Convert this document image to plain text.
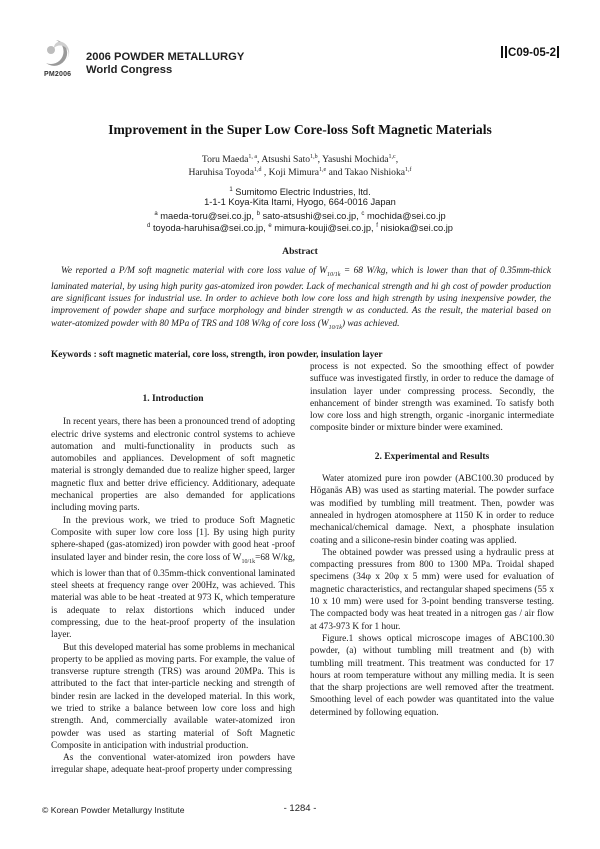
PM2006
2006 POWDER METALLURGY
World Congress
C09-05-2
Improvement in the Super Low Core-loss Soft Magnetic Materials
Toru Maeda$^{1, a}$, Atsushi Sato$^{1,b}$, Yasushi Mochida$^{1,c}$,
Haruhisa Toyoda$^{1,d}$ , Koji Mimura$^{1,e}$ and Takao Nishioka$^{1,f}$
$^1$ Sumitomo Electric Industries, ltd.
1-1-1 Koya-Kita Itami, Hyogo, 664-0016 Japan
$^a$ maeda-toru@sei.co.jp, $^b$ sato-atsushi@sei.co.jp, $^c$ mochida@sei.co.jp
$^d$ toyoda-haruhisa@sei.co.jp, $^e$ mimura-kouji@sei.co.jp, $^f$ nisioka@sei.co.jp
Abstract

We reported a P/M soft magnetic material with core loss value of $W_{10/1k} = 68$ W/kg, which is lower than that of 0.35mm-thick laminated material, by using high purity gas-atomized iron powder. Lack of mechanical strength and hi gh cost of powder production are significant issues for industrial use. In order to achieve both low core loss and high strength by using inexpensive powder, the improvement of powder shape and surface morphology and binder strength w as conducted. As the result, the material based on water-atomized powder with 80 MPa of TRS and 108 W/kg of core loss $(W_{10/1k})$ was achieved.

Keywords : soft magnetic material, core loss, strength, iron powder, insulation layer
1. Introduction

In recent years, there has been a pronounced trend of adopting electric drive systems and electronic control systems to achieve automation and multi-functionality in products such as automobiles and appliances. Development of soft magnetic material is strongly demanded due to realize higher speed, larger magnetic flux and better drive efficiency. Additionary, adequate mechanical properties are also demanded for applications including moving parts.

In the previous work, we tried to produce Soft Magnetic Composite with super low core loss [1]. By using high purity sphere-shaped (gas-atomized) iron powder with good heat -proof insulated layer and binder resin, the core loss of $W_{10/1k}=68$ W/kg, which is lower than that of 0.35mm-thick conventional laminated steel sheets at frequency range over 200Hz, was achieved. This material was able to be heat -treated at 973 K, which temperature is adequate to relax distortions which induced under compressing, due to the heat-proof property of the insulation layer.

But this developed material has some problems in mechanical property to be applied as moving parts. For example, the value of transverse rupture strength (TRS) was around 20MPa. This is attributed to the fact that inter-particle necking and strength of binder resin are lacked in the developed material. In this work, we tried to strike a balance between low core loss and high strength. And, commercially available water-atomized iron powder was used as starting material of Soft Magnetic Composite in anticipation with industrial production.

As the conventional water-atomized iron powders have irregular shape, adequate heat-proof property under compressing

process is not expected. So the smoothing effect of powder suffuce was investigated firstly, in order to reduce the damage of insulation layer under compressing process. Secondly, the enhancement of binder strength was examined. To satisfy both low core loss and high strength, organic -inorganic intermediate composite binder or mixture binder were examined.

2. Experimental and Results

Water atomized pure iron powder (ABC100.30 produced by Höganäs AB) was used as starting material. The powder surface was modified by tumbling mill treatment. Then, powder was annealed in hydrogen atomosphere at 1150 K in order to reduce mechanical/chemical damage. Next, a phosphate insulation coating and a silicone-resin binder coating was applied.

The obtained powder was pressed using a hydraulic press at compacting pressures from 800 to 1300 MPa. Troidal shaped specimens (34φ x 20φ x 5 mm) were used for evaluation of magnetic characteristics, and rectangular shaped specimens (55 x 10 x 10 mm) were used for 3-point bending transverse testing. The compacted body was heat treated in a nitrogen gas / air flow at 473-973 K for 1 hour.

Figure.1 shows optical microscope images of ABC100.30 powder, (a) without tumbling mill treatment and (b) with tumbling mill treatment. This treatment was conducted for 17 hours at room temperature without any milling media. It is seen that the sharp projections are well removed after the treatment. Smoothing level of each powder was quantitated into the value determined by following equation.

© Korean Powder Metallurgy Institute	- 1284 -
